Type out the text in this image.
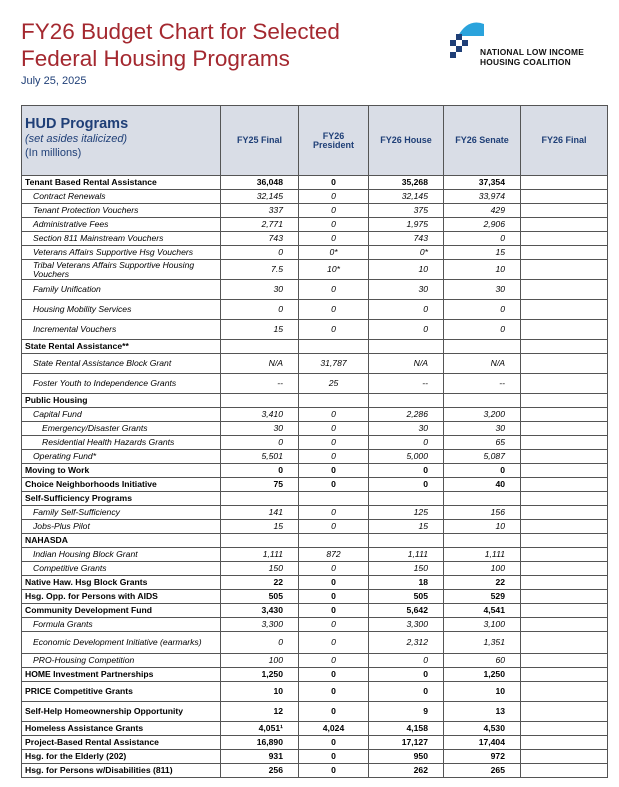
FY26 Budget Chart for Selected
Federal Housing Programs
July 25, 2025
NATIONAL LOW INCOME
HOUSING COALITION
HUD Programs
(set asides italicized)
(In millions)	FY25 Final	FY26 President	FY26 House	FY26 Senate	FY26 Final
Tenant Based Rental Assistance	36,048	0	35,268	37,354	
Contract Renewals	32,145	0	32,145	33,974	
Tenant Protection Vouchers	337	0	375	429	
Administrative Fees	2,771	0	1,975	2,906	
Section 811 Mainstream Vouchers	743	0	743	0	
Veterans Affairs Supportive Hsg Vouchers	0	0*	0*	15	
Tribal Veterans Affairs Supportive Housing Vouchers	7.5	10*	10	10	
Family Unification	30	0	30	30	
Housing Mobility Services	0	0	0	0	
Incremental Vouchers	15	0	0	0	
State Rental Assistance**					
State Rental Assistance Block Grant	N/A	31,787	N/A	N/A	
Foster Youth to Independence Grants	--	25	--	--	
Public Housing					
Capital Fund	3,410	0	2,286	3,200	
Emergency/Disaster Grants	30	0	30	30	
Residential Health Hazards Grants	0	0	0	65	
Operating Fund*	5,501	0	5,000	5,087	
Moving to Work	0	0	0	0	
Choice Neighborhoods Initiative	75	0	0	40	
Self-Sufficiency Programs					
Family Self-Sufficiency	141	0	125	156	
Jobs-Plus Pilot	15	0	15	10	
NAHASDA					
Indian Housing Block Grant	1,111	872	1,111	1,111	
Competitive Grants	150	0	150	100	
Native Haw. Hsg Block Grants	22	0	18	22	
Hsg. Opp. for Persons with AIDS	505	0	505	529	
Community Development Fund	3,430	0	5,642	4,541	
Formula Grants	3,300	0	3,300	3,100	
Economic Development Initiative (earmarks)	0	0	2,312	1,351	
PRO-Housing Competition	100	0	0	60	
HOME Investment Partnerships	1,250	0	0	1,250	
PRICE Competitive Grants	10	0	0	10	
Self-Help Homeownership Opportunity	12	0	9	13	
Homeless Assistance Grants	4,051¹	4,024	4,158	4,530	
Project-Based Rental Assistance	16,890	0	17,127	17,404	
Hsg. for the Elderly (202)	931	0	950	972	
Hsg. for Persons w/Disabilities (811)	256	0	262	265	
